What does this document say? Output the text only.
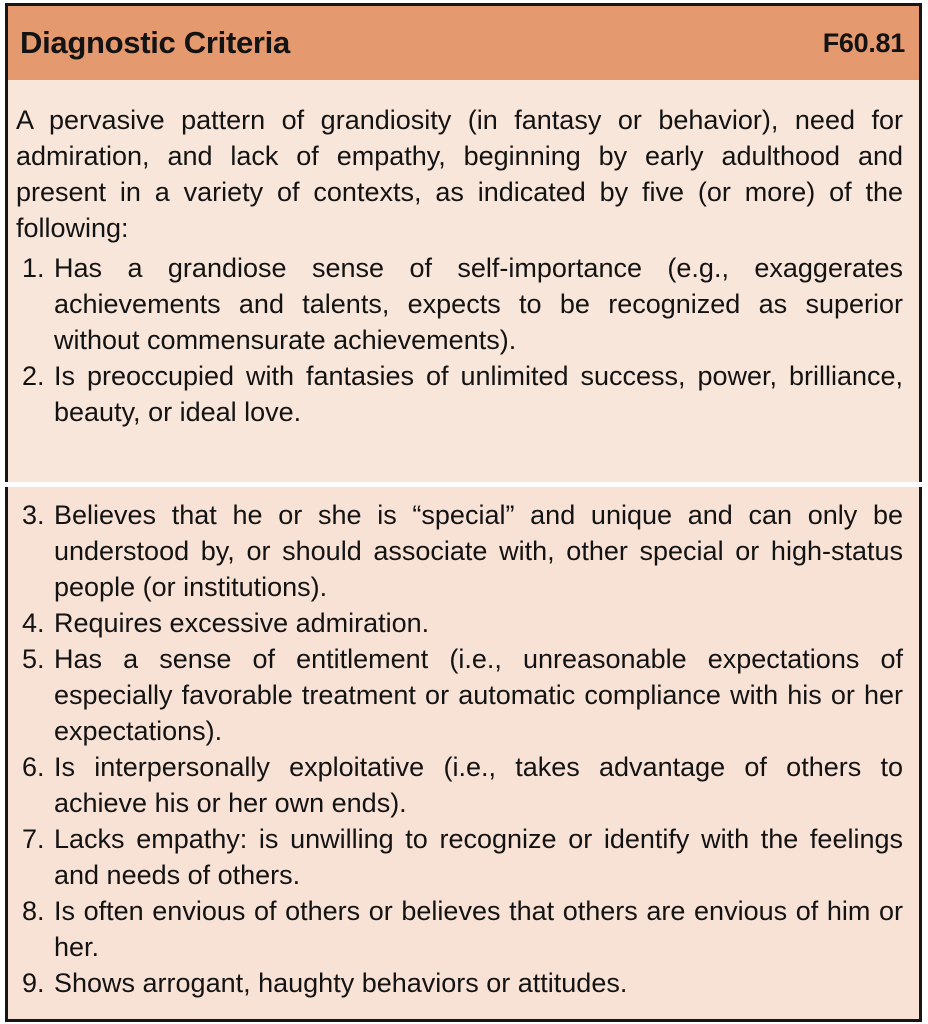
Diagnostic Criteria	F60.81

A pervasive pattern of grandiosity (in fantasy or behavior), need for admiration, and lack of empathy, beginning by early adulthood and present in a variety of contexts, as indicated by five (or more) of the following:

1. Has a grandiose sense of self-importance (e.g., exaggerates achievements and talents, expects to be recognized as superior without commensurate achievements).
2. Is preoccupied with fantasies of unlimited success, power, brilliance, beauty, or ideal love.
3. Believes that he or she is “special” and unique and can only be understood by, or should associate with, other special or high-status people (or institutions).
4. Requires excessive admiration.
5. Has a sense of entitlement (i.e., unreasonable expectations of especially favorable treatment or automatic compliance with his or her expectations).
6. Is interpersonally exploitative (i.e., takes advantage of others to achieve his or her own ends).
7. Lacks empathy: is unwilling to recognize or identify with the feelings and needs of others.
8. Is often envious of others or believes that others are envious of him or her.
9. Shows arrogant, haughty behaviors or attitudes.
